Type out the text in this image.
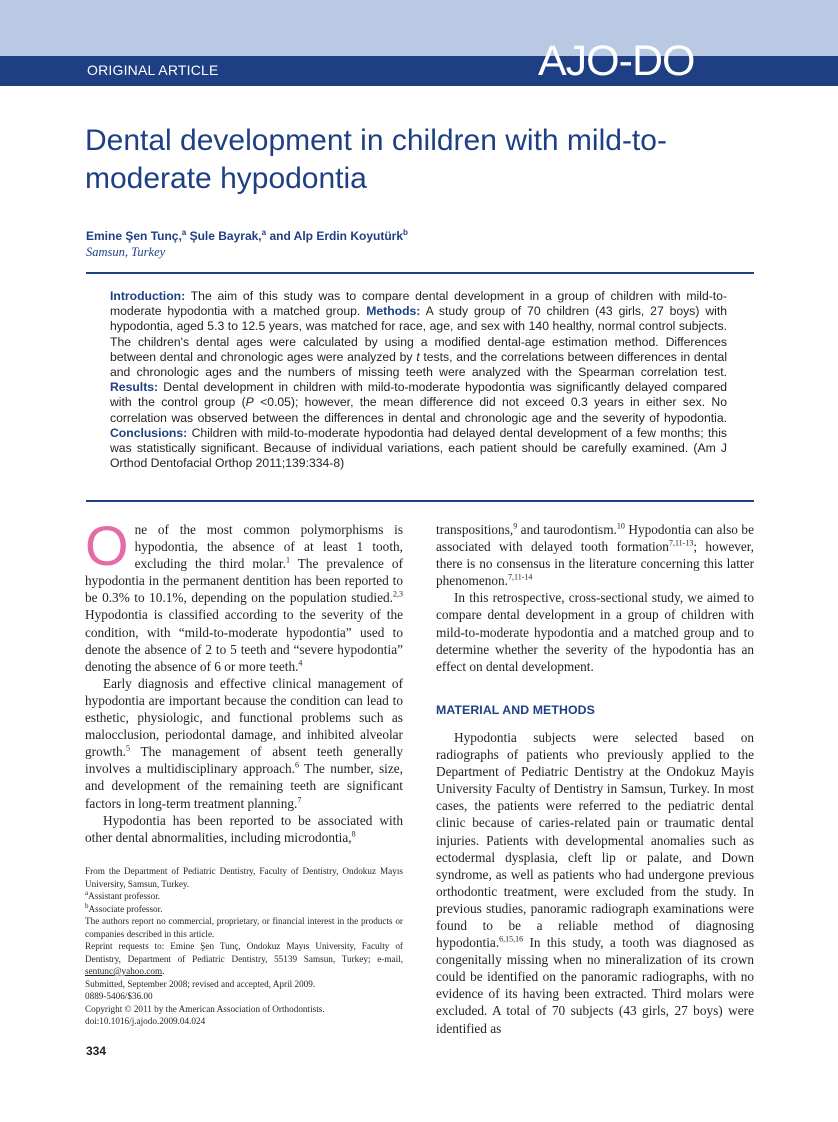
ORIGINAL ARTICLE	AJO-DO
Dental development in children with mild-to-moderate hypodontia
Emine Şen Tunç,$^a$ Şule Bayrak,$^a$ and Alp Erdin Koyutürk$^b$
Samsun, Turkey

Introduction: The aim of this study was to compare dental development in a group of children with mild-to-moderate hypodontia with a matched group. Methods: A study group of 70 children (43 girls, 27 boys) with hypodontia, aged 5.3 to 12.5 years, was matched for race, age, and sex with 140 healthy, normal control subjects. The children's dental ages were calculated by using a modified dental-age estimation method. Differences between dental and chronologic ages were analyzed by t tests, and the correlations between differences in dental and chronologic ages and the numbers of missing teeth were analyzed with the Spearman correlation test. Results: Dental development in children with mild-to-moderate hypodontia was significantly delayed compared with the control group (P <0.05); however, the mean difference did not exceed 0.3 years in either sex. No correlation was observed between the differences in dental and chronologic age and the severity of hypodontia. Conclusions: Children with mild-to-moderate hypodontia had delayed dental development of a few months; this was statistically significant. Because of individual variations, each patient should be carefully examined. (Am J Orthod Dentofacial Orthop 2011;139:334-8)

One of the most common polymorphisms is hypodontia, the absence of at least 1 tooth, excluding the third molar.$^1$ The prevalence of hypodontia in the permanent dentition has been reported to be 0.3% to 10.1%, depending on the population studied.$^{2,3}$ Hypodontia is classified according to the severity of the condition, with “mild-to-moderate hypodontia” used to denote the absence of 2 to 5 teeth and “severe hypodontia” denoting the absence of 6 or more teeth.$^4$

Early diagnosis and effective clinical management of hypodontia are important because the condition can lead to esthetic, physiologic, and functional problems such as malocclusion, periodontal damage, and inhibited alveolar growth.$^5$ The management of absent teeth generally involves a multidisciplinary approach.$^6$ The number, size, and development of the remaining teeth are significant factors in long-term treatment planning.$^7$

Hypodontia has been reported to be associated with other dental abnormalities, including microdontia,$^8$

transpositions,$^9$ and taurodontism.$^{10}$ Hypodontia can also be associated with delayed tooth formation$^{7,11-13}$; however, there is no consensus in the literature concerning this latter phenomenon.$^{7,11-14}$

In this retrospective, cross-sectional study, we aimed to compare dental development in a group of children with mild-to-moderate hypodontia and a matched group and to determine whether the severity of the hypodontia has an effect on dental development.

MATERIAL AND METHODS

Hypodontia subjects were selected based on radiographs of patients who previously applied to the Department of Pediatric Dentistry at the Ondokuz Mayis University Faculty of Dentistry in Samsun, Turkey. In most cases, the patients were referred to the pediatric dental clinic because of caries-related pain or traumatic dental injuries. Patients with developmental anomalies such as ectodermal dysplasia, cleft lip or palate, and Down syndrome, as well as patients who had undergone previous orthodontic treatment, were excluded from the study. In previous studies, panoramic radiograph examinations were found to be a reliable method of diagnosing hypodontia.$^{6,15,16}$ In this study, a tooth was diagnosed as congenitally missing when no mineralization of its crown could be identified on the panoramic radiographs, with no evidence of its having been extracted. Third molars were excluded. A total of 70 subjects (43 girls, 27 boys) were identified as

From the Department of Pediatric Dentistry, Faculty of Dentistry, Ondokuz Mayıs University, Samsun, Turkey.
$^a$Assistant professor.
$^b$Associate professor.
The authors report no commercial, proprietary, or financial interest in the products or companies described in this article.
Reprint requests to: Emine Şen Tunç, Ondokuz Mayıs University, Faculty of Dentistry, Department of Pediatric Dentistry, 55139 Samsun, Turkey; e-mail, sentunc@yahoo.com.
Submitted, September 2008; revised and accepted, April 2009.
0889-5406/$36.00
Copyright © 2011 by the American Association of Orthodontists.
doi:10.1016/j.ajodo.2009.04.024
334
